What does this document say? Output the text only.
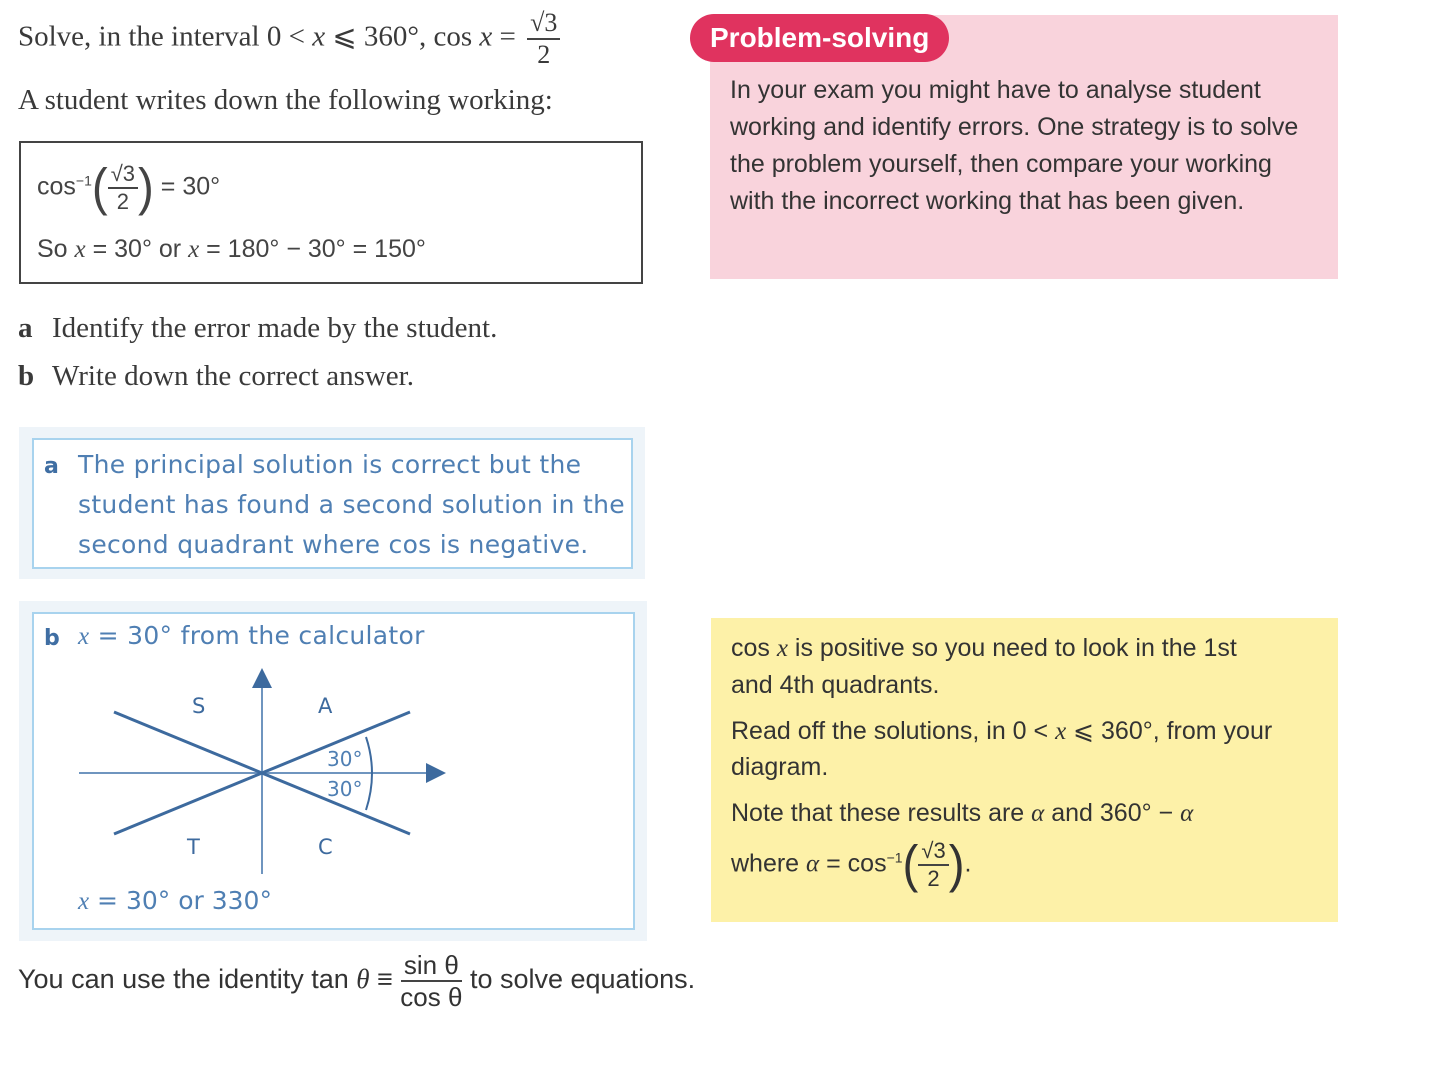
Solve, in the interval 0 < x ⩽ 360°, $\cos x = \frac{√3}{2}$
A student writes down the following working:
$\cos^{-1}( \frac{√3}{2}$ ) = 30°
So x = 30° or x = 180° − 30° = 150°
a Identify the error made by the student.
b Write down the correct answer.
a The principal solution is correct but the
student has found a second solution in the
second quadrant where cos is negative.
b x = 30° from the calculator
S	A
T	C
30°
30°
x = 30° or 330°
Problem-solving
In your exam you might have to analyse student working and identify errors. One strategy is to solve the problem yourself, then compare your working with the incorrect working that has been given.
cos x is positive so you need to look in the 1st
and 4th quadrants.
Read off the solutions, in 0 < x ⩽ 360°, from your
diagram.
Note that these results are α and 360° − α
where $\alpha = \cos^{-1}( \frac{√3}{2}$ ).
You can use the identity $\tan \theta \equiv \frac{\text{sin θ}}{\text{cos θ}}$ to solve equations.
